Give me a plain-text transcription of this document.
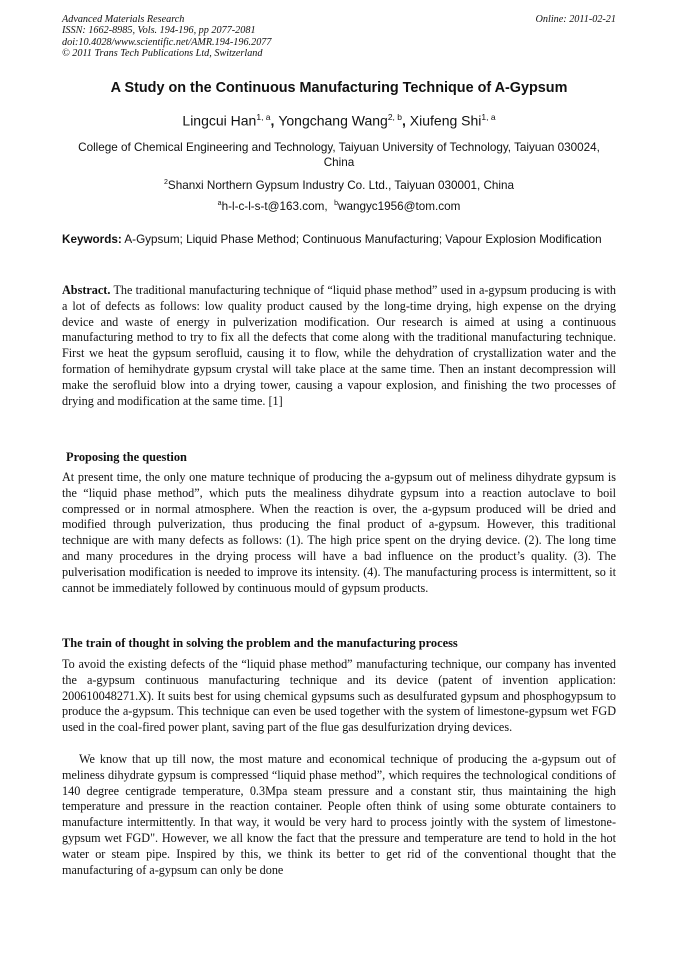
Advanced Materials Research
ISSN: 1662-8985, Vols. 194-196, pp 2077-2081
doi:10.4028/www.scientific.net/AMR.194-196.2077
© 2011 Trans Tech Publications Ltd, Switzerland
Online: 2011-02-21
A Study on the Continuous Manufacturing Technique of A-Gypsum
Lingcui Han$^{1, a}$, Yongchang Wang$^{2, b}$, Xiufeng Shi$^{1, a}$
College of Chemical Engineering and Technology, Taiyuan University of Technology, Taiyuan 030024, China
$^2$Shanxi Northern Gypsum Industry Co. Ltd., Taiyuan 030001, China
$^a$h-l-c-l-s-t@163.com, $^b$wangyc1956@tom.com
Keywords: A-Gypsum; Liquid Phase Method; Continuous Manufacturing; Vapour Explosion Modification
Abstract. The traditional manufacturing technique of “liquid phase method” used in a-gypsum producing is with a lot of defects as follows: low quality product caused by the long-time drying, high expense on the drying device and waste of energy in pulverization modification. Our research is aimed at using a continuous manufacturing method to try to fix all the defects that come along with the traditional manufacturing technique. First we heat the gypsum serofluid, causing it to flow, while the dehydration of crystallization water and the formation of hemihydrate gypsum crystal will take place at the same time. Then an instant decompression will make the serofluid blow into a drying tower, causing a vapour explosion, and finishing the two processes of drying and modification at the same time. [1]
Proposing the question
At present time, the only one mature technique of producing the a-gypsum out of meliness dihydrate gypsum is the “liquid phase method”, which puts the mealiness dihydrate gypsum into a reaction autoclave to boil compressed or in normal atmosphere. When the reaction is over, the a-gypsum produced will be dried and modified through pulverization, thus producing the final product of a-gypsum. However, this traditional technique are with many defects as follows: (1). The high price spent on the drying device. (2). The long time and many procedures in the drying process will have a bad influence on the product’s quality. (3). The pulverisation modification is needed to improve its intensity. (4). The manufacturing process is intermittent, so it cannot be immediately followed by continuous mould of gypsum products.
The train of thought in solving the problem and the manufacturing process
To avoid the existing defects of the “liquid phase method” manufacturing technique, our company has invented the a-gypsum continuous manufacturing technique and its device (patent of invention application: 200610048271.X). It suits best for using chemical gypsums such as desulfurated gypsum and phosphogypsum to produce the a-gypsum. This technique can even be used together with the system of limestone-gypsum wet FGD used in the coal-fired power plant, saving part of the flue gas desulfurization drying devices.
We know that up till now, the most mature and economical technique of producing the a-gypsum out of meliness dihydrate gypsum is compressed “liquid phase method”, which requires the technological conditions of 140 degree centigrade temperature, 0.3Mpa steam pressure and a constant stir, thus maintaining the high temperature and pressure in the reaction container. People often think of using some obturate containers to manufacture intermittently. In that way, it would be very hard to process jointly with the system of limestone-gypsum wet FGD". However, we all know the fact that the pressure and temperature are tend to hold in the hot water or steam pipe. Inspired by this, we think its better to get rid of the conventional thought that the manufacturing of a-gypsum can only be done
